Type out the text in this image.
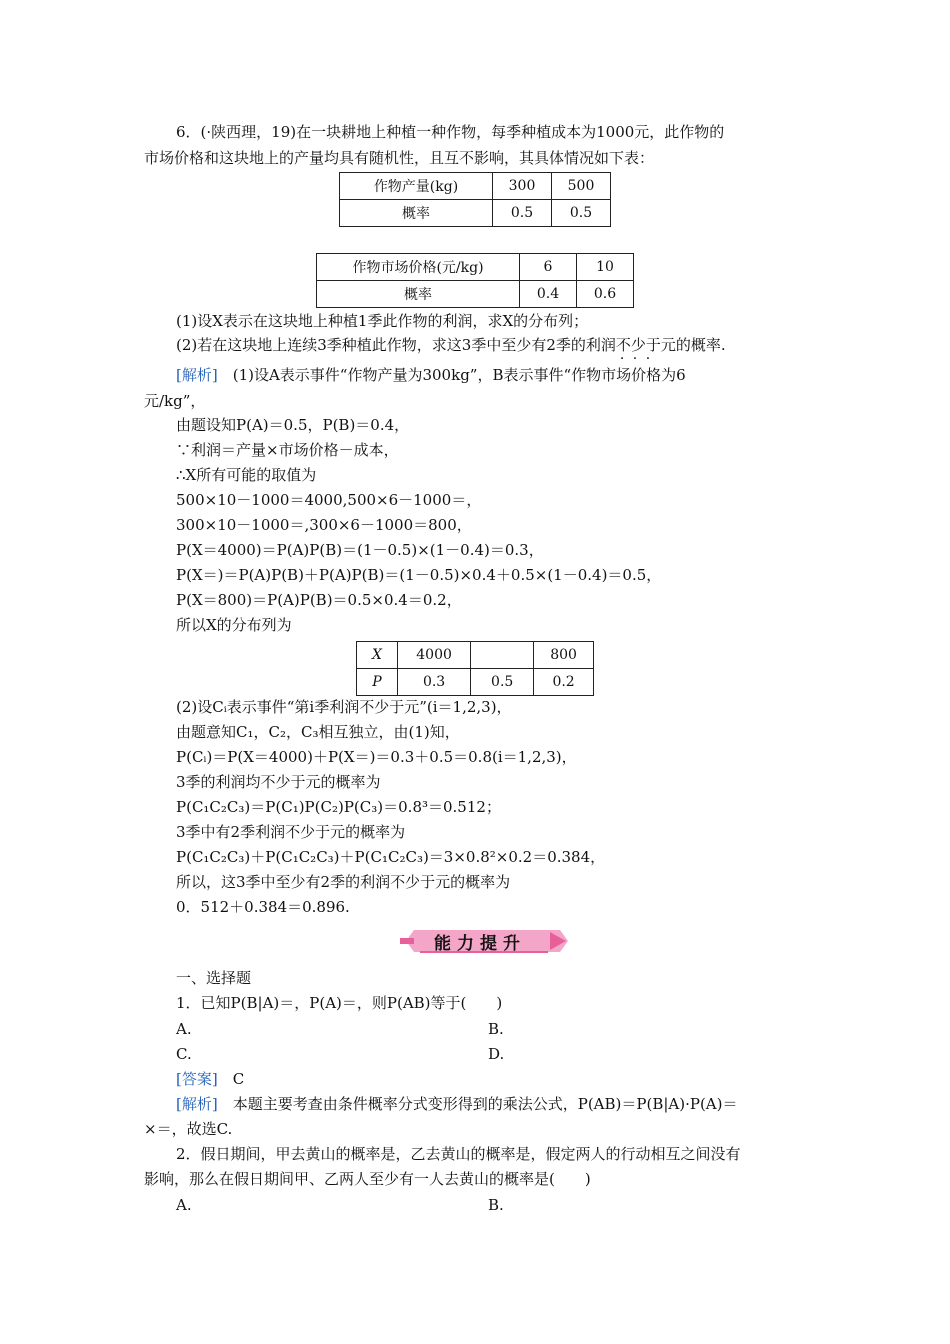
6．(·陕西理，19)在一块耕地上种植一种作物，每季种植成本为1000元，此作物的
市场价格和这块地上的产量均具有随机性，且互不影响，其具体情况如下表：
作物产量(kg)	300	500
概率	0.5	0.5
作物市场价格(元/kg)	6	10
概率	0.4	0.6
(1)设X表示在这块地上种植1季此作物的利润，求X的分布列；
(2)若在这块地上连续3季种植此作物，求这3季中至少有2季的利润不少于 · · ·元的概率.
[解析]　(1)设A表示事件“作物产量为300kg”，B表示事件“作物市场价格为6
元/kg”，
由题设知P(A)＝0.5，P(B)＝0.4，
∵利润＝产量×市场价格－成本，
∴X所有可能的取值为
500×10－1000＝4000,500×6－1000＝，
300×10－1000＝,300×6－1000＝800，
P(X＝4000)＝P(A)P(B)＝(1－0.5)×(1－0.4)＝0.3，
P(X＝)＝P(A)P(B)＋P(A)P(B)＝(1－0.5)×0.4＋0.5×(1－0.4)＝0.5，
P(X＝800)＝P(A)P(B)＝0.5×0.4＝0.2，
所以X的分布列为
X	4000		800
P	0.3	0.5	0.2
(2)设Cᵢ表示事件“第i季利润不少于元”(i＝1,2,3)，
由题意知C₁，C₂，C₃相互独立，由(1)知，
P(Cᵢ)＝P(X＝4000)＋P(X＝)＝0.3＋0.5＝0.8(i＝1,2,3)，
3季的利润均不少于元的概率为
P(C₁C₂C₃)＝P(C₁)P(C₂)P(C₃)＝0.8³＝0.512；
3季中有2季利润不少于元的概率为
P(C₁C₂C₃)＋P(C₁C₂C₃)＋P(C₁C₂C₃)＝3×0.8²×0.2＝0.384，
所以，这3季中至少有2季的利润不少于元的概率为
0．512＋0.384＝0.896.
能力提升
一、选择题
1．已知P(B|A)＝，P(A)＝，则P(AB)等于(　　)
A.	B.
C.	D.
[答案]　C
[解析]　本题主要考查由条件概率分式变形得到的乘法公式，P(AB)＝P(B|A)·P(A)＝
×＝，故选C.
2．假日期间，甲去黄山的概率是，乙去黄山的概率是，假定两人的行动相互之间没有
影响，那么在假日期间甲、乙两人至少有一人去黄山的概率是(　　)
A.	B.
